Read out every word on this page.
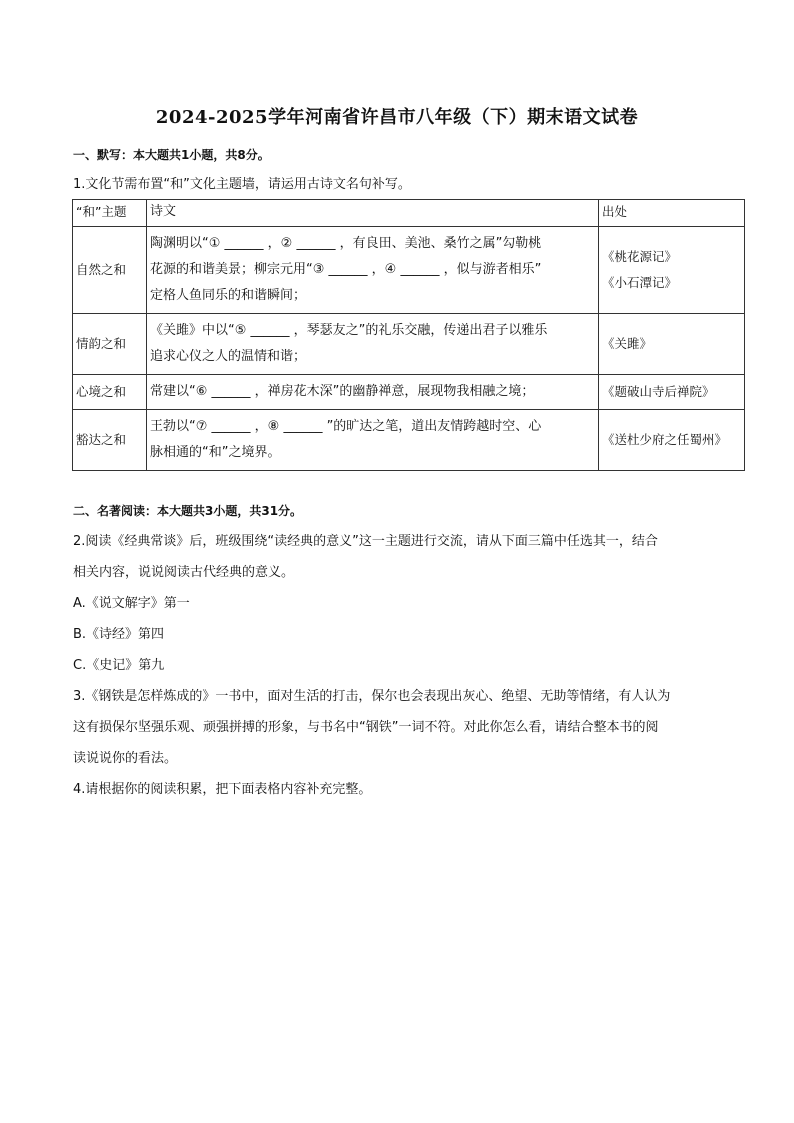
2024-2025学年河南省许昌市八年级（下）期末语文试卷
一、默写：本大题共1小题，共8分。
1.文化节需布置“和”文化主题墙，请运用古诗文名句补写。
“和”主题	诗文	出处
自然之和	陶渊明以“① ______ ，② ______ ，有良田、美池、桑竹之属”勾勒桃
花源的和谐美景；柳宗元用“③ ______ ，④ ______ ，似与游者相乐”
定格人鱼同乐的和谐瞬间；	《桃花源记》
《小石潭记》

情韵之和	《关雎》中以“⑤ ______ ，琴瑟友之”的礼乐交融，传递出君子以雅乐
追求心仪之人的温情和谐；	《关雎》

心境之和	常建以“⑥ ______ ，禅房花木深”的幽静禅意，展现物我相融之境；	《题破山寺后禅院》

豁达之和	王勃以“⑦ ______ ，⑧ ______ ”的旷达之笔，道出友情跨越时空、心
脉相通的“和”之境界。	《送杜少府之任蜀州》
二、名著阅读：本大题共3小题，共31分。
2.阅读《经典常谈》后，班级围绕“读经典的意义”这一主题进行交流，请从下面三篇中任选其一，结合
相关内容，说说阅读古代经典的意义。
A.《说文解字》第一
B.《诗经》第四
C.《史记》第九
3.《钢铁是怎样炼成的》一书中，面对生活的打击，保尔也会表现出灰心、绝望、无助等情绪，有人认为
这有损保尔坚强乐观、顽强拼搏的形象，与书名中“钢铁”一词不符。对此你怎么看，请结合整本书的阅
读说说你的看法。
4.请根据你的阅读积累，把下面表格内容补充完整。
